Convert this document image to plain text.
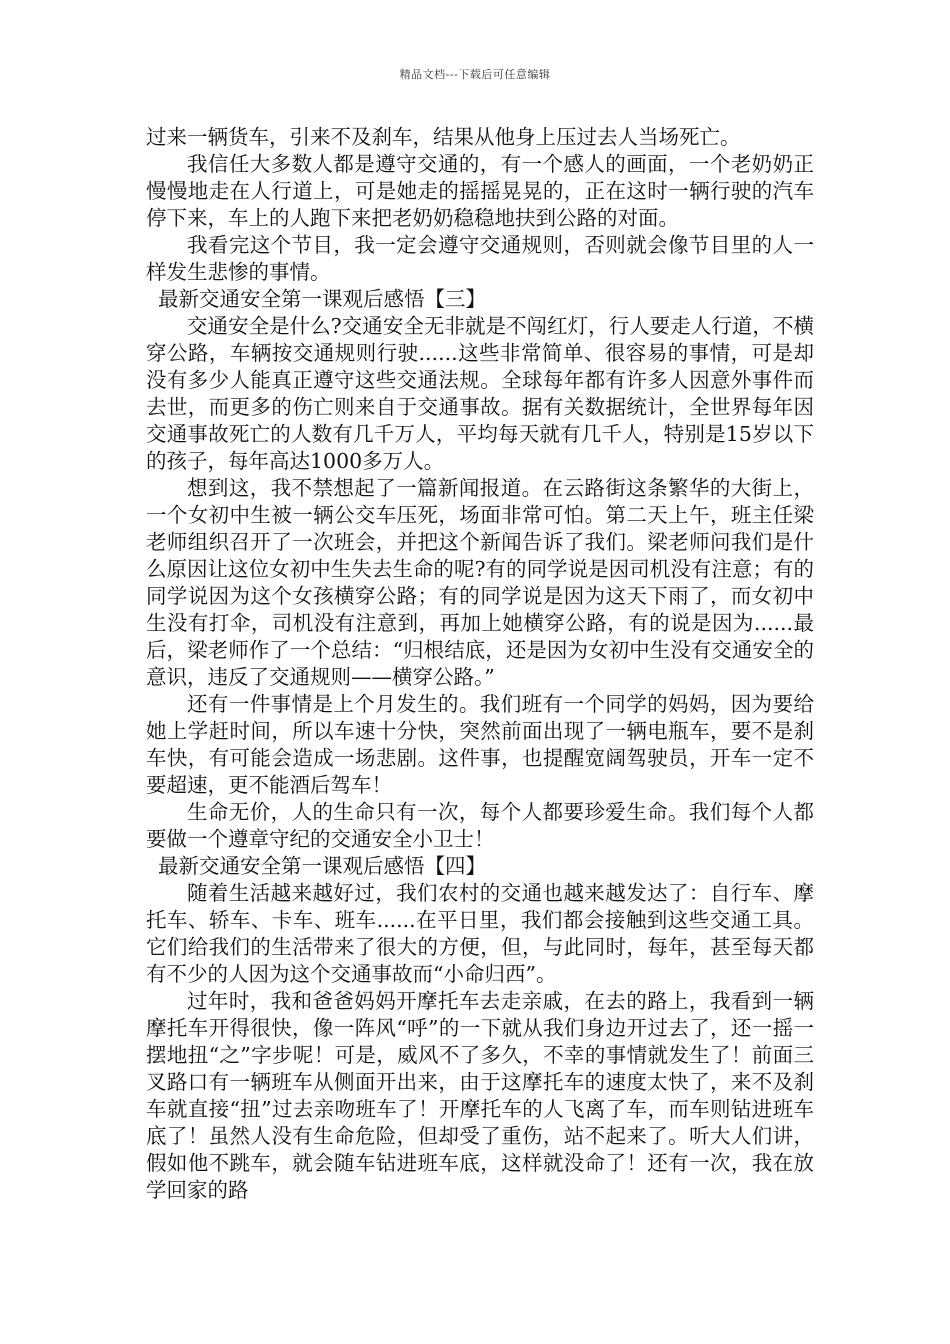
精品文档---下载后可任意编辑

过来一辆货车，引来不及刹车，结果从他身上压过去人当场死亡。

我信任大多数人都是遵守交通的，有一个感人的画面，一个老奶奶正慢慢地走在人行道上，可是她走的摇摇晃晃的，正在这时一辆行驶的汽车停下来，车上的人跑下来把老奶奶稳稳地扶到公路的对面。

我看完这个节目，我一定会遵守交通规则，否则就会像节目里的人一样发生悲惨的事情。

最新交通安全第一课观后感悟【三】

交通安全是什么?交通安全无非就是不闯红灯，行人要走人行道，不横穿公路，车辆按交通规则行驶......这些非常简单、很容易的事情，可是却没有多少人能真正遵守这些交通法规。全球每年都有许多人因意外事件而去世，而更多的伤亡则来自于交通事故。据有关数据统计，全世界每年因交通事故死亡的人数有几千万人，平均每天就有几千人，特别是15岁以下的孩子，每年高达1000多万人。

想到这，我不禁想起了一篇新闻报道。在云路街这条繁华的大街上，一个女初中生被一辆公交车压死，场面非常可怕。第二天上午，班主任梁老师组织召开了一次班会，并把这个新闻告诉了我们。梁老师问我们是什么原因让这位女初中生失去生命的呢?有的同学说是因司机没有注意；有的同学说因为这个女孩横穿公路；有的同学说是因为这天下雨了，而女初中生没有打伞，司机没有注意到，再加上她横穿公路，有的说是因为......最后，梁老师作了一个总结：“归根结底，还是因为女初中生没有交通安全的意识，违反了交通规则——横穿公路。”

还有一件事情是上个月发生的。我们班有一个同学的妈妈，因为要给她上学赶时间，所以车速十分快，突然前面出现了一辆电瓶车，要不是刹车快，有可能会造成一场悲剧。这件事，也提醒宽阔驾驶员，开车一定不要超速，更不能酒后驾车！

生命无价，人的生命只有一次，每个人都要珍爱生命。我们每个人都要做一个遵章守纪的交通安全小卫士！

最新交通安全第一课观后感悟【四】

随着生活越来越好过，我们农村的交通也越来越发达了：自行车、摩托车、轿车、卡车、班车......在平日里，我们都会接触到这些交通工具。它们给我们的生活带来了很大的方便，但，与此同时，每年，甚至每天都有不少的人因为这个交通事故而“小命归西”。

过年时，我和爸爸妈妈开摩托车去走亲戚，在去的路上，我看到一辆摩托车开得很快，像一阵风“呼”的一下就从我们身边开过去了，还一摇一摆地扭“之”字步呢！可是，威风不了多久，不幸的事情就发生了！前面三叉路口有一辆班车从侧面开出来，由于这摩托车的速度太快了，来不及刹车就直接“扭”过去亲吻班车了！开摩托车的人飞离了车，而车则钻进班车底了！虽然人没有生命危险，但却受了重伤，站不起来了。听大人们讲，假如他不跳车，就会随车钻进班车底，这样就没命了！还有一次，我在放学回家的路
